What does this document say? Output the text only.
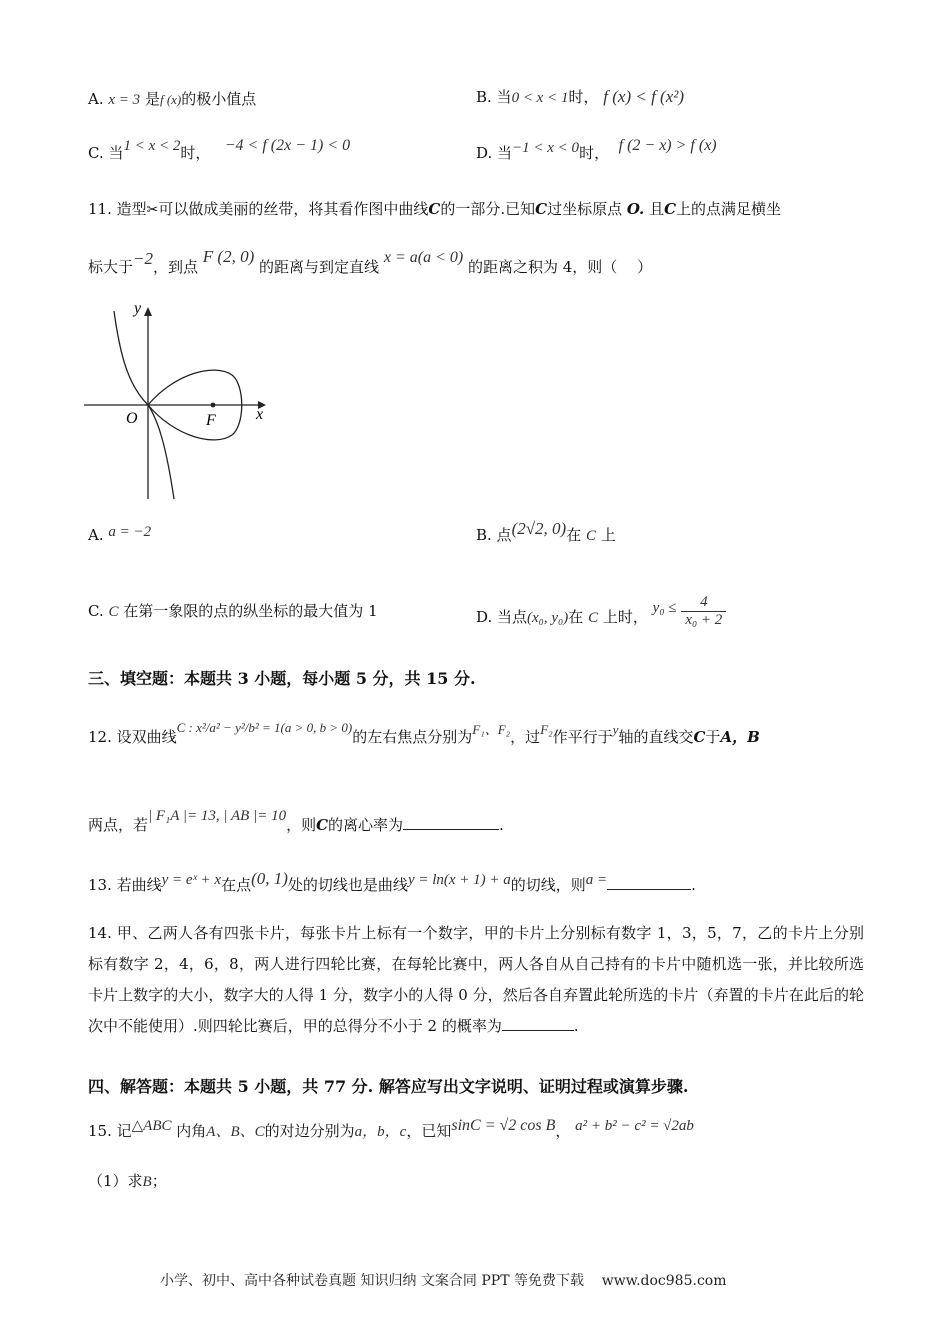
A. x = 3 是f (x)的极小值点	B. 当0 < x < 1时， f (x) < f (x²)
C. 当1 < x < 2时， −4 < f (2x − 1) < 0	D. 当−1 < x < 0时， f (2 − x) > f (x)
11. 造型✂可以做成美丽的丝带，将其看作图中曲线C的一部分.已知C过坐标原点 O. 且C上的点满足横坐
标大于−2，到点 F (2, 0) 的距离与到定直线 x = a(a < 0) 的距离之积为 4，则（　 ）
y
x
O	F
A. a = −2	B. 点(2√2, 0)在 C 上
C. C 在第一象限的点的纵坐标的最大值为 1	D. 当点(x₀, y₀)在 C 上时， $y_0 \le \frac{4}{\text{x₀ + 2}}$
三、填空题：本题共 3 小题，每小题 5 分，共 15 分.
12. 设双曲线C : x²/a² − y²/b² = 1(a > 0, b > 0)的左右焦点分别为F₁、F₂，过F₂作平行于y轴的直线交C于A，B
两点，若| F₁A |= 13, | AB |= 10，则C的离心率为	.
13. 若曲线y = eˣ + x在点(0, 1)处的切线也是曲线y = ln(x + 1) + a的切线，则a =	.
14. 甲、乙两人各有四张卡片，每张卡片上标有一个数字，甲的卡片上分别标有数字 1，3，5，7，乙的卡片上分别标有数字 2，4，6，8，两人进行四轮比赛，在每轮比赛中，两人各自从自己持有的卡片中随机选一张，并比较所选卡片上数字的大小，数字大的人得 1 分，数字小的人得 0 分，然后各自弃置此轮所选的卡片（弃置的卡片在此后的轮次中不能使用）.则四轮比赛后，甲的总得分不小于 2 的概率为	.
四、解答题：本题共 5 小题，共 77 分. 解答应写出文字说明、证明过程或演算步骤.
15. 记△ABC 内角A、B、C的对边分别为a，b，c，已知sinC = √2 cos B， a² + b² − c² = √2ab
（1）求B；
小学、初中、高中各种试卷真题 知识归纳 文案合同 PPT 等免费下载 www.doc985.com
